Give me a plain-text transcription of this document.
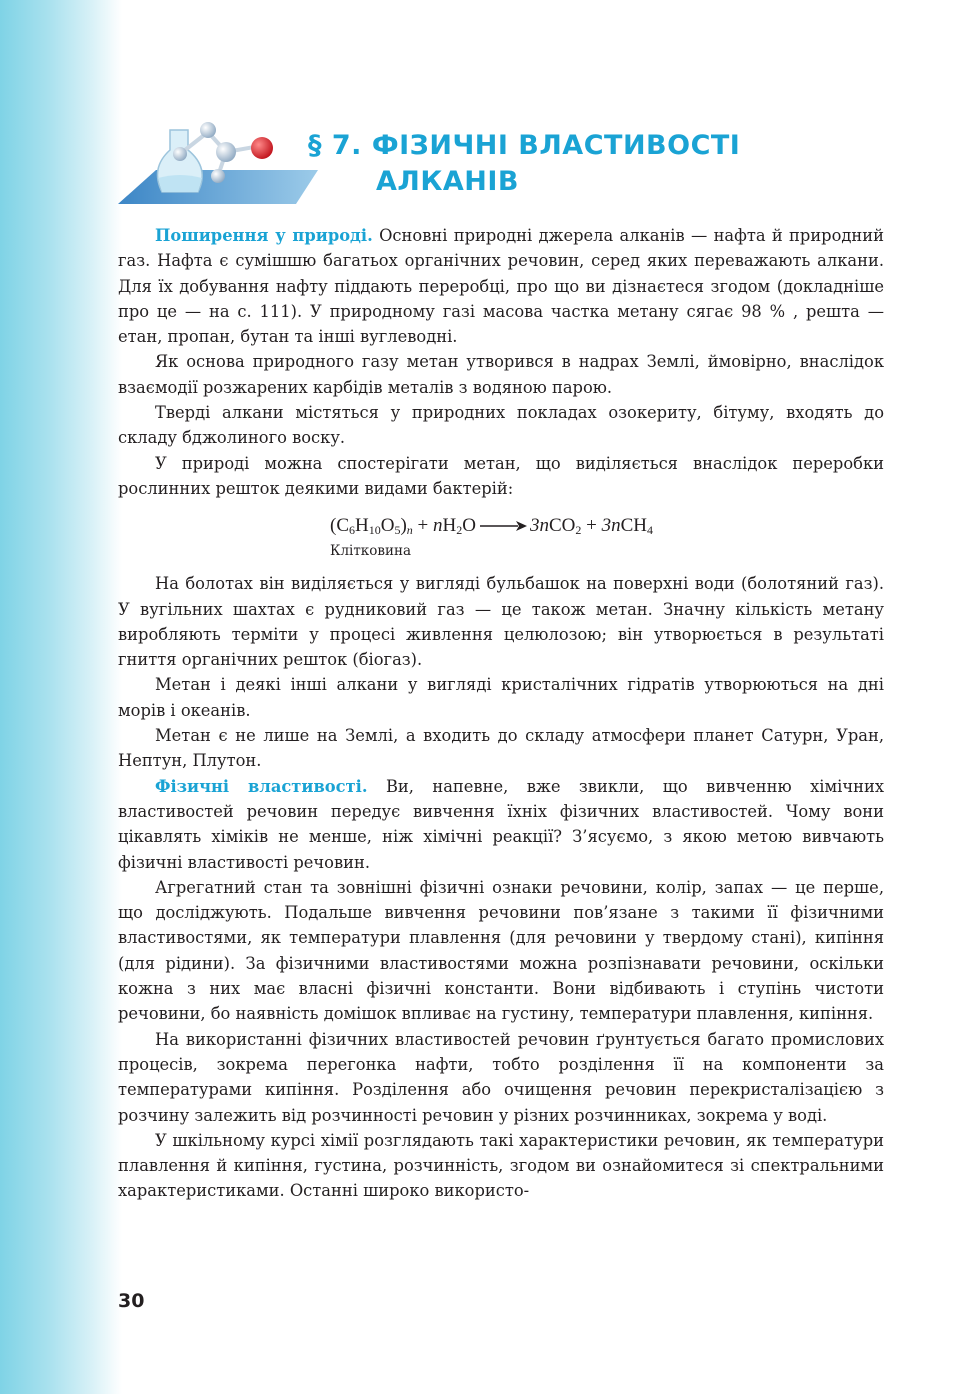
§ 7. ФІЗИЧНІ ВЛАСТИВОСТІ
АЛКАНІВ

Поширення у природі. Основні природні джерела алканів — нафта й природний газ. Нафта є сумішшю багатьох органічних речовин, серед яких переважають алкани. Для їх добування нафту піддають переробці, про що ви дізнаєтеся згодом (докладніше про це — на с. 111). У природному газі масова частка метану сягає 98 % , решта — етан, пропан, бутан та інші вуглеводні.

Як основа природного газу метан утворився в надрах Землі, ймовірно, внаслідок взаємодії розжарених карбідів металів з водяною парою.

Тверді алкани містяться у природних покладах озокериту, бітуму, входять до складу бджолиного воску.

У природі можна спостерігати метан, що виділяється внаслідок переробки рослинних решток деякими видами бактерій:

$(C_6H_{10}O_5)_n + nH_2O \to 3nCO_2 + 3nCH_4$
Клітковина

На болотах він виділяється у вигляді бульбашок на поверхні води (болотяний газ). У вугільних шахтах є рудниковий газ — це також метан. Значну кількість метану виробляють терміти у процесі живлення целюлозою; він утворюється в результаті гниття органічних решток (біогаз).

Метан і деякі інші алкани у вигляді кристалічних гідратів утворюються на дні морів і океанів.

Метан є не лише на Землі, а входить до складу атмосфери планет Сатурн, Уран, Нептун, Плутон.

Фізичні властивості. Ви, напевне, вже звикли, що вивченню хімічних властивостей речовин передує вивчення їхніх фізичних властивостей. Чому вони цікавлять хіміків не менше, ніж хімічні реакції? З’ясуємо, з якою метою вивчають фізичні властивості речовин.

Агрегатний стан та зовнішні фізичні ознаки речовини, колір, запах — це перше, що досліджують. Подальше вивчення речовини пов’язане з такими її фізичними властивостями, як температури плавлення (для речовини у твердому стані), кипіння (для рідини). За фізичними властивостями можна розпізнавати речовини, оскільки кожна з них має власні фізичні константи. Вони відбивають і ступінь чистоти речовини, бо наявність домішок впливає на густину, температури плавлення, кипіння.

На використанні фізичних властивостей речовин ґрунтується багато промислових процесів, зокрема перегонка нафти, тобто розділення її на компоненти за температурами кипіння. Розділення або очищення речовин перекристалізацією з розчину залежить від розчинності речовин у різних розчинниках, зокрема у воді.

У шкільному курсі хімії розглядають такі характеристики речовин, як температури плавлення й кипіння, густина, розчинність, згодом ви ознайомитеся зі спектральними характеристиками. Останні широко використо-

30
